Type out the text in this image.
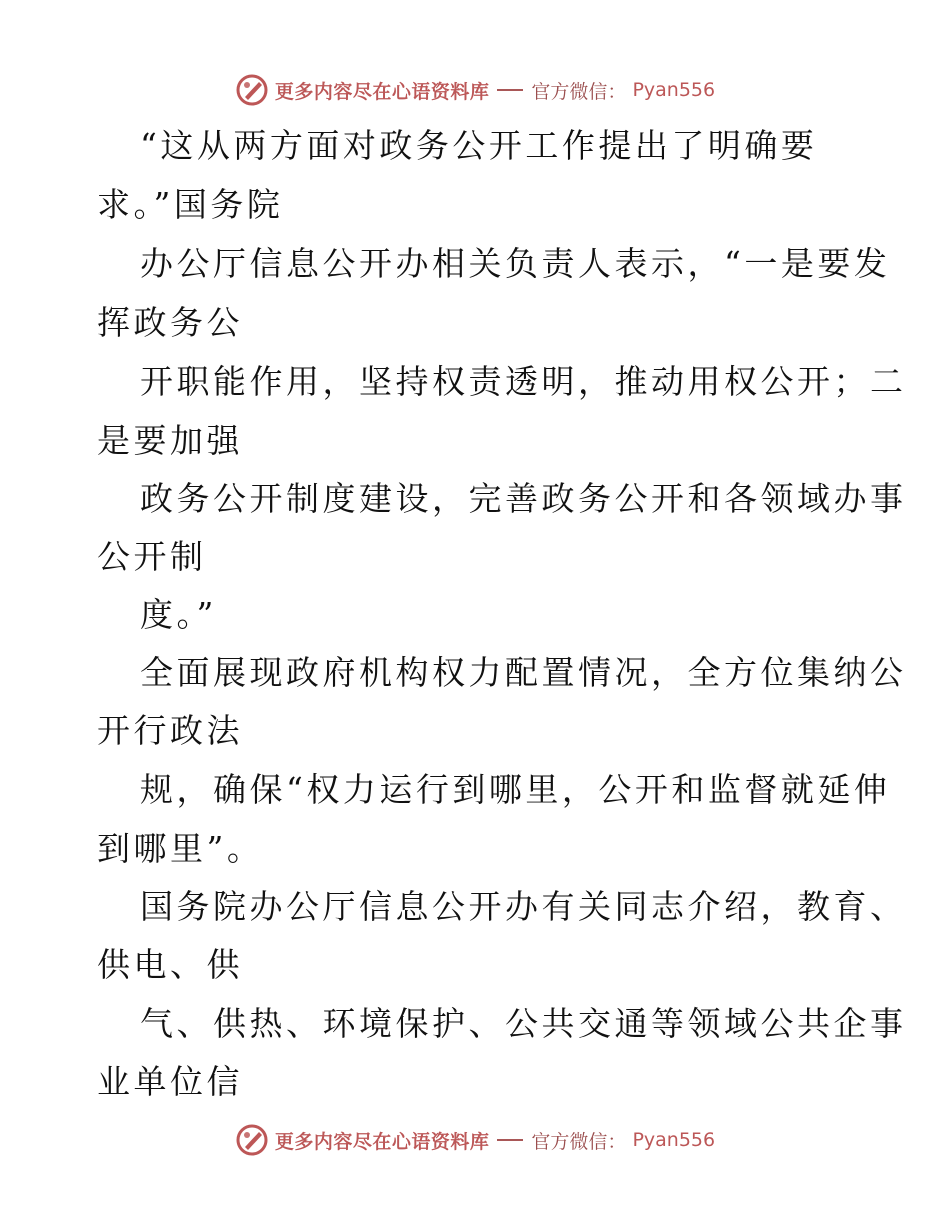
更多内容尽在心语资料库 官方微信： Pyan556
“这从两方面对政务公开工作提出了明确要
求。”国务院
办公厅信息公开办相关负责人表示，“一是要发
挥政务公
开职能作用，坚持权责透明，推动用权公开；二
是要加强
政务公开制度建设，完善政务公开和各领域办事
公开制
度。”
全面展现政府机构权力配置情况，全方位集纳公
开行政法
规，确保“权力运行到哪里，公开和监督就延伸
到哪里”。
国务院办公厅信息公开办有关同志介绍，教育、
供电、供
气、供热、环境保护、公共交通等领域公共企事
业单位信
更多内容尽在心语资料库 官方微信： Pyan556
